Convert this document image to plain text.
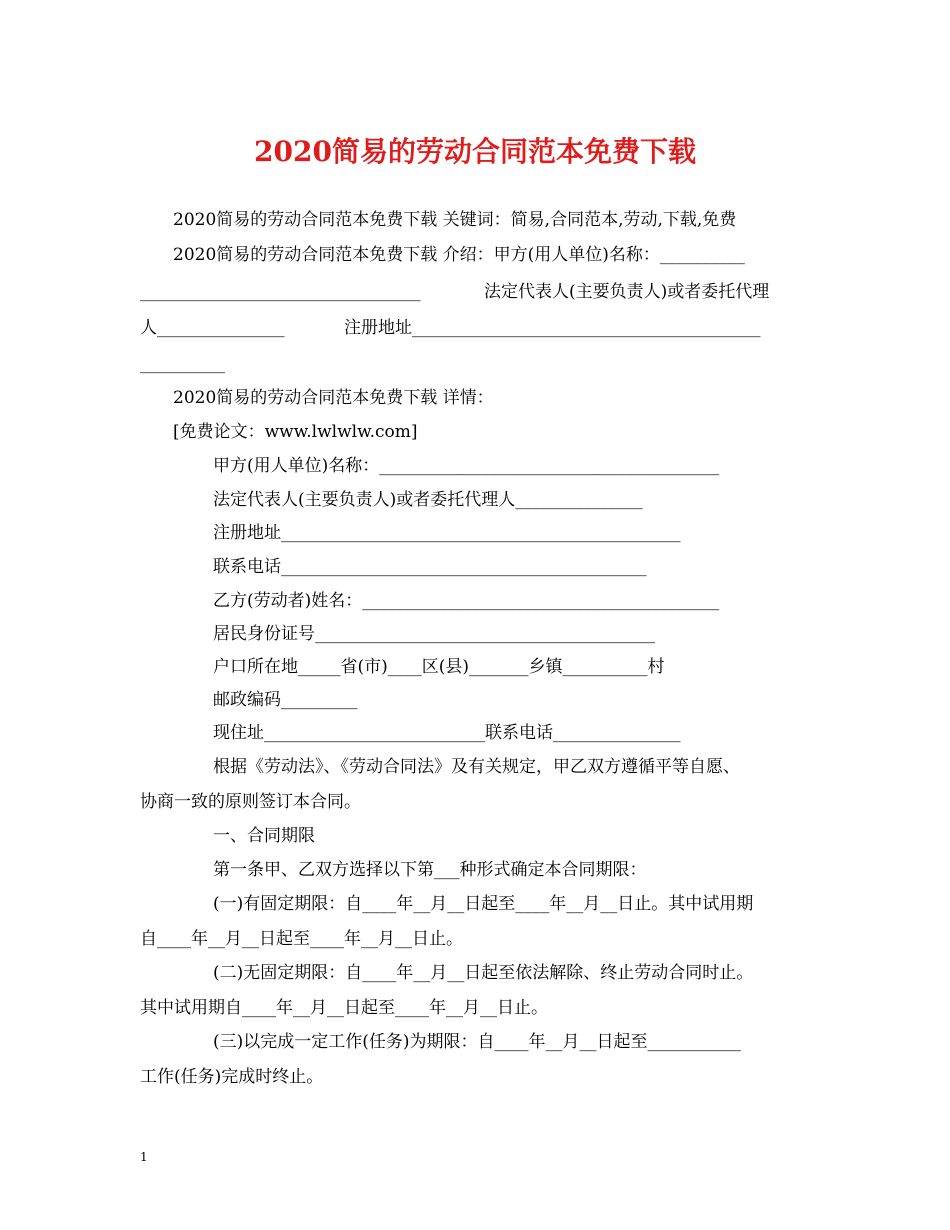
2020简易的劳动合同范本免费下载
2020简易的劳动合同范本免费下载 关键词：简易,合同范本,劳动,下载,免费
2020简易的劳动合同范本免费下载 介绍：甲方(用人单位)名称：__________
_________________________________	法定代表人(主要负责人)或者委托代理
人_______________	注册地址_________________________________________
__________
2020简易的劳动合同范本免费下载 详情：
[免费论文：www.lwlwlw.com]
甲方(用人单位)名称：________________________________________
法定代表人(主要负责人)或者委托代理人_______________
注册地址_______________________________________________
联系电话___________________________________________
乙方(劳动者)姓名：__________________________________________
居民身份证号________________________________________
户口所在地_____省(市)____区(县)_______乡镇__________村
邮政编码_________
现住址__________________________联系电话_______________
根据《劳动法》、《劳动合同法》及有关规定，甲乙双方遵循平等自愿、
协商一致的原则签订本合同。
一、合同期限
第一条甲、乙双方选择以下第___种形式确定本合同期限：
(一)有固定期限：自____年__月__日起至____年__月__日止。其中试用期
自____年__月__日起至____年__月__日止。
(二)无固定期限：自____年__月__日起至依法解除、终止劳动合同时止。
其中试用期自____年__月__日起至____年__月__日止。
(三)以完成一定工作(任务)为期限：自____年__月__日起至___________
工作(任务)完成时终止。
1
